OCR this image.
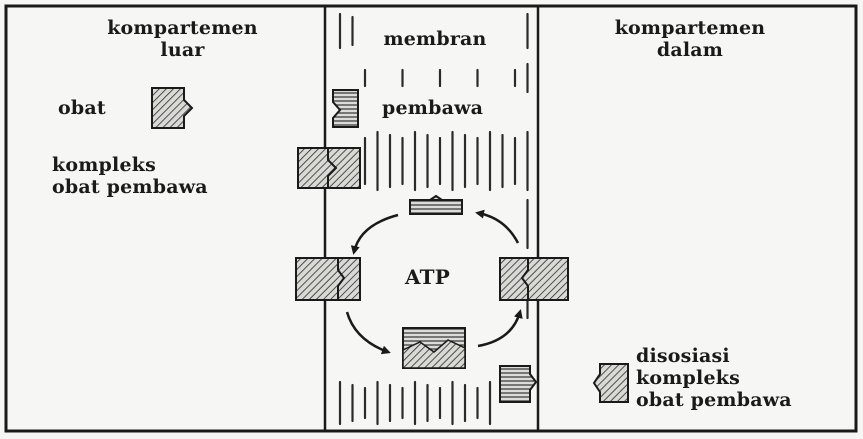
kompartemen
luar	membran	kompartemen
dalam
obat	pembawa
kompleks
obat pembawa
ATP
disosiasi
kompleks
obat pembawa
